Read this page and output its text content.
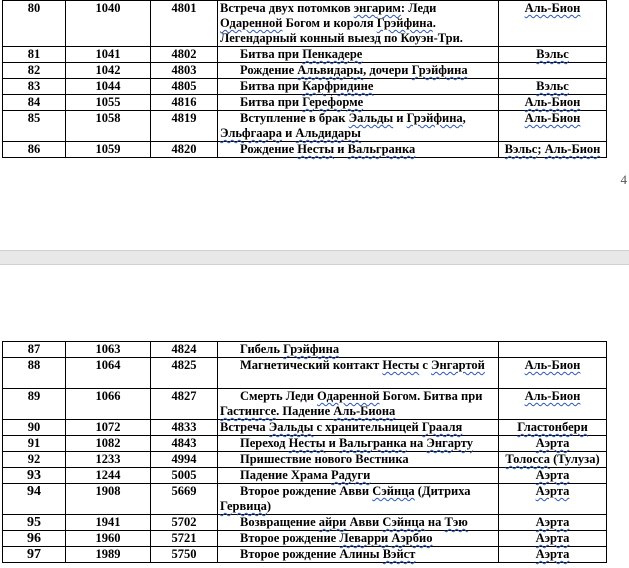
80	1040	4801	Встреча двух потомков энгарим: Леди Одаренной Богом и короля Грэйфина. Легендарный конный выезд по Коуэн-Три.	Аль-Бион
81	1041	4802	Битва при Пенкадере	Вэльс
82	1042	4803	Рождение Альвидары, дочери Грэйфина	
83	1044	4805	Битва при Карфридине	Вэльс
84	1055	4816	Битва при Гереформе	Аль-Бион
85	1058	4819	Вступление в брак Эальды и Грэйфина, Эльфгаара и Альдидары	Аль-Бион
86	1059	4820	Рождение Несты и Вальгранка	Вэльс; Аль-Бион
4
87	1063	4824	Гибель Грэйфина	
88	1064	4825	Магнетический контакт Несты с Энгартой	Аль-Бион
89	1066	4827	Смерть Леди Одаренной Богом. Битва при Гастингсе. Падение Аль-Биона	Аль-Бион
90	1072	4833	Встреча Эальды с хранительницей Грааля	Гластонбери
91	1082	4843	Переход Несты и Вальгранка на Энгарту	Аэрта
92	1233	4994	Пришествие нового Вестника	Толосса (Тулуза)
93	1244	5005	Падение Храма Радуги	Аэрта
94	1908	5669	Второе рождение Авви Сэйнца (Дитриха Гервица)	Аэрта
95	1941	5702	Возвращение айри Авви Сэйнца на Тэю	Аэрта
96	1960	5721	Второе рождение Леварри Аэрбио	Аэрта
97	1989	5750	Второе рождение Алины Вэйст	Аэрта
